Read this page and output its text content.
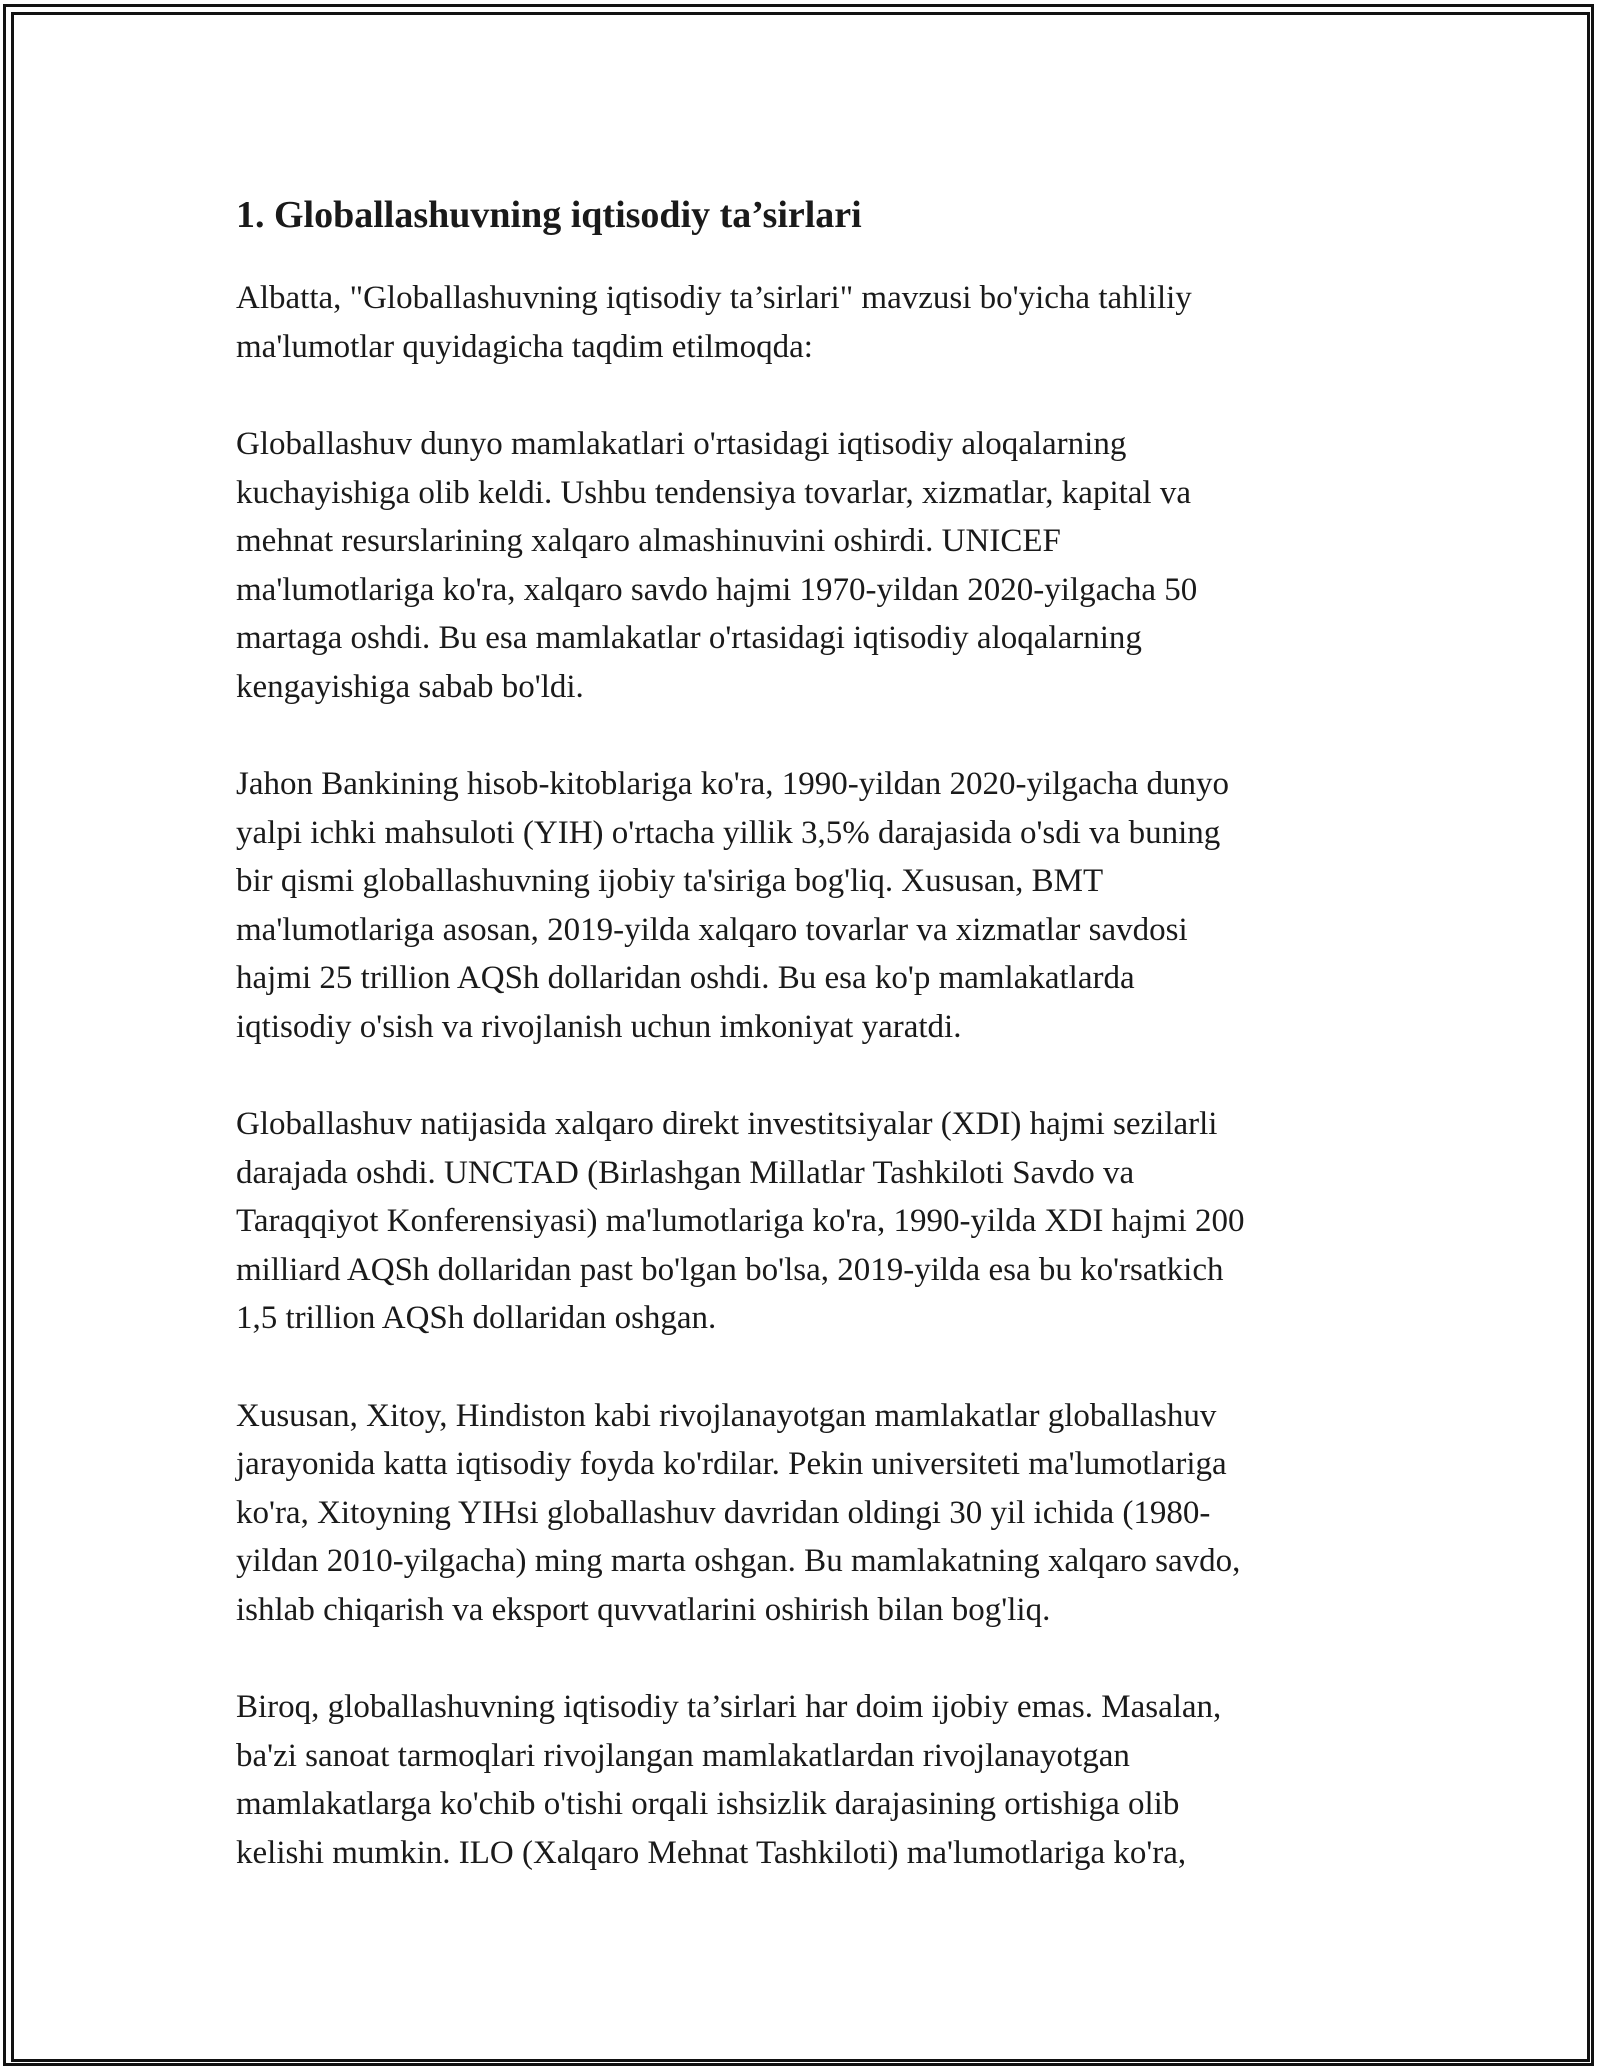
1. Globallashuvning iqtisodiy ta’sirlari

Albatta, "Globallashuvning iqtisodiy ta’sirlari" mavzusi bo'yicha tahliliy
ma'lumotlar quyidagicha taqdim etilmoqda:

Globallashuv dunyo mamlakatlari o'rtasidagi iqtisodiy aloqalarning
kuchayishiga olib keldi. Ushbu tendensiya tovarlar, xizmatlar, kapital va
mehnat resurslarining xalqaro almashinuvini oshirdi. UNICEF
ma'lumotlariga ko'ra, xalqaro savdo hajmi 1970-yildan 2020-yilgacha 50
martaga oshdi. Bu esa mamlakatlar o'rtasidagi iqtisodiy aloqalarning
kengayishiga sabab bo'ldi.

Jahon Bankining hisob-kitoblariga ko'ra, 1990-yildan 2020-yilgacha dunyo
yalpi ichki mahsuloti (YIH) o'rtacha yillik 3,5% darajasida o'sdi va buning
bir qismi globallashuvning ijobiy ta'siriga bog'liq. Xususan, BMT
ma'lumotlariga asosan, 2019-yilda xalqaro tovarlar va xizmatlar savdosi
hajmi 25 trillion AQSh dollaridan oshdi. Bu esa ko'p mamlakatlarda
iqtisodiy o'sish va rivojlanish uchun imkoniyat yaratdi.

Globallashuv natijasida xalqaro direkt investitsiyalar (XDI) hajmi sezilarli
darajada oshdi. UNCTAD (Birlashgan Millatlar Tashkiloti Savdo va
Taraqqiyot Konferensiyasi) ma'lumotlariga ko'ra, 1990-yilda XDI hajmi 200
milliard AQSh dollaridan past bo'lgan bo'lsa, 2019-yilda esa bu ko'rsatkich
1,5 trillion AQSh dollaridan oshgan.

Xususan, Xitoy, Hindiston kabi rivojlanayotgan mamlakatlar globallashuv
jarayonida katta iqtisodiy foyda ko'rdilar. Pekin universiteti ma'lumotlariga
ko'ra, Xitoyning YIHsi globallashuv davridan oldingi 30 yil ichida (1980-
yildan 2010-yilgacha) ming marta oshgan. Bu mamlakatning xalqaro savdo,
ishlab chiqarish va eksport quvvatlarini oshirish bilan bog'liq.

Biroq, globallashuvning iqtisodiy ta’sirlari har doim ijobiy emas. Masalan,
ba'zi sanoat tarmoqlari rivojlangan mamlakatlardan rivojlanayotgan
mamlakatlarga ko'chib o'tishi orqali ishsizlik darajasining ortishiga olib
kelishi mumkin. ILO (Xalqaro Mehnat Tashkiloti) ma'lumotlariga ko'ra,
